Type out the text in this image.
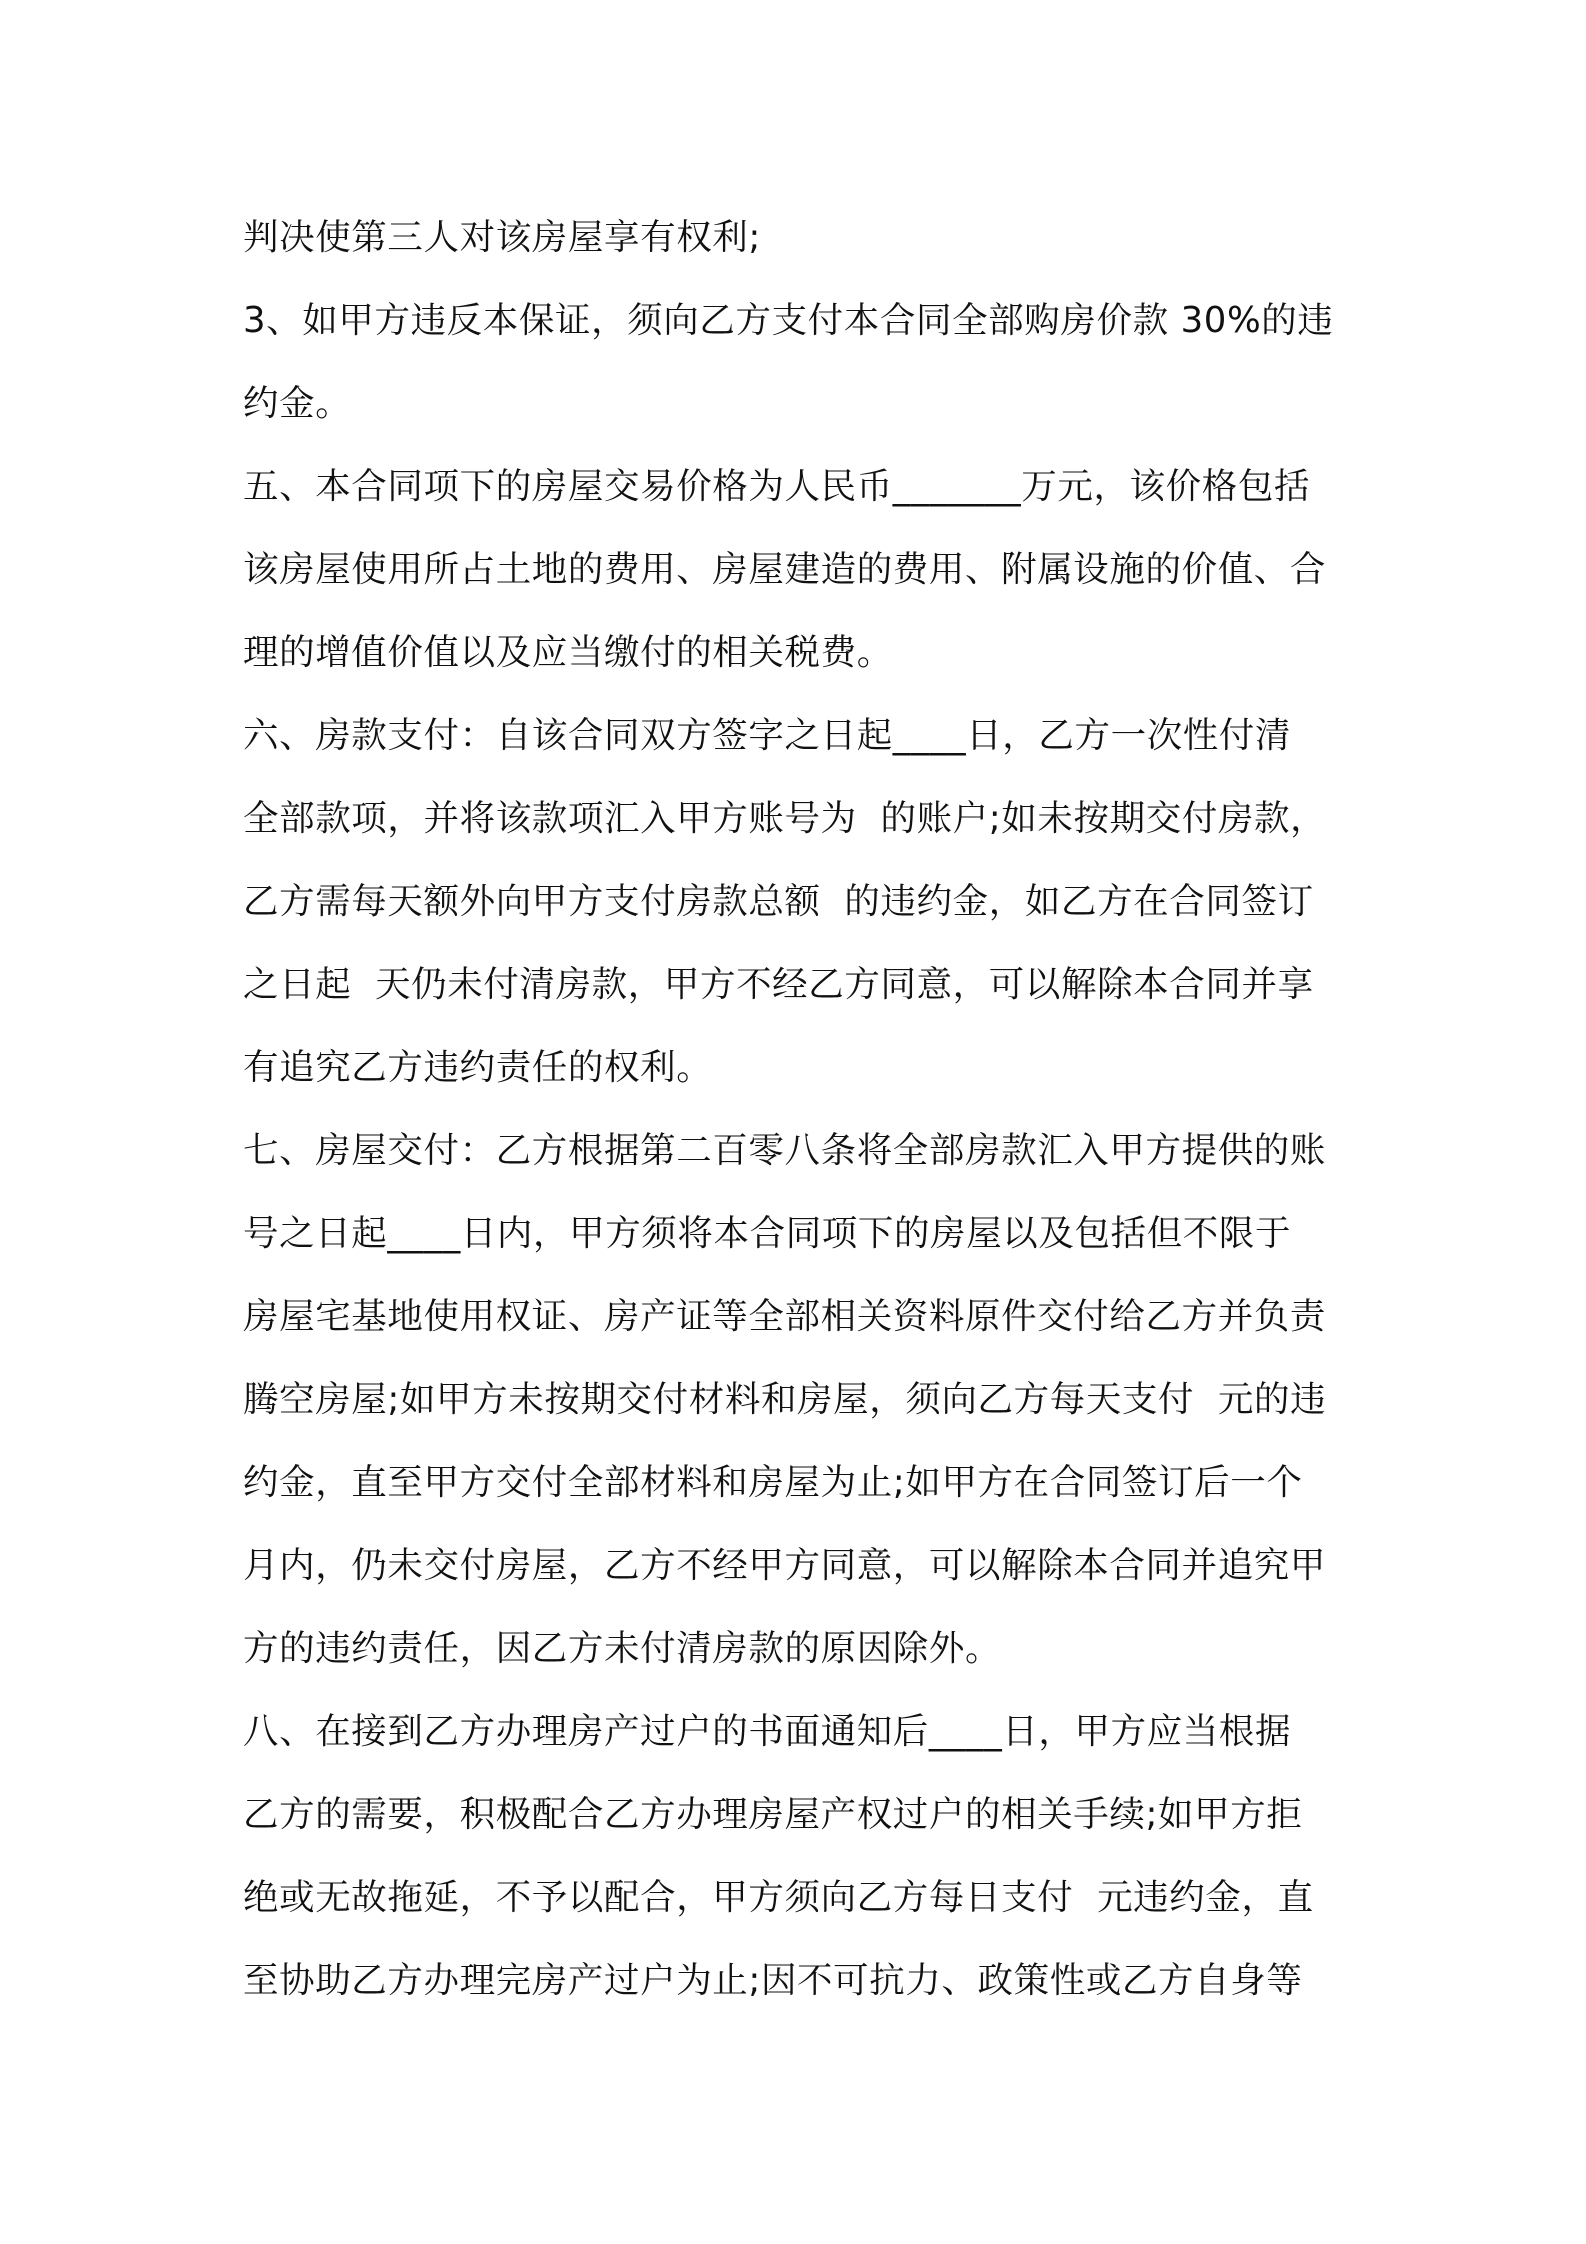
判决使第三人对该房屋享有权利;
3、如甲方违反本保证，须向乙方支付本合同全部购房价款 30%的违
约金。
五、本合同项下的房屋交易价格为人民币_______万元，该价格包括
该房屋使用所占土地的费用、房屋建造的费用、附属设施的价值、合
理的增值价值以及应当缴付的相关税费。
六、房款支付：自该合同双方签字之日起____日，乙方一次性付清
全部款项，并将该款项汇入甲方账号为  的账户;如未按期交付房款，
乙方需每天额外向甲方支付房款总额  的违约金，如乙方在合同签订
之日起  天仍未付清房款，甲方不经乙方同意，可以解除本合同并享
有追究乙方违约责任的权利。
七、房屋交付：乙方根据第二百零八条将全部房款汇入甲方提供的账
号之日起____日内，甲方须将本合同项下的房屋以及包括但不限于
房屋宅基地使用权证、房产证等全部相关资料原件交付给乙方并负责
腾空房屋;如甲方未按期交付材料和房屋，须向乙方每天支付  元的违
约金，直至甲方交付全部材料和房屋为止;如甲方在合同签订后一个
月内，仍未交付房屋，乙方不经甲方同意，可以解除本合同并追究甲
方的违约责任，因乙方未付清房款的原因除外。
八、在接到乙方办理房产过户的书面通知后____日，甲方应当根据
乙方的需要，积极配合乙方办理房屋产权过户的相关手续;如甲方拒
绝或无故拖延，不予以配合，甲方须向乙方每日支付  元违约金，直
至协助乙方办理完房产过户为止;因不可抗力、政策性或乙方自身等
